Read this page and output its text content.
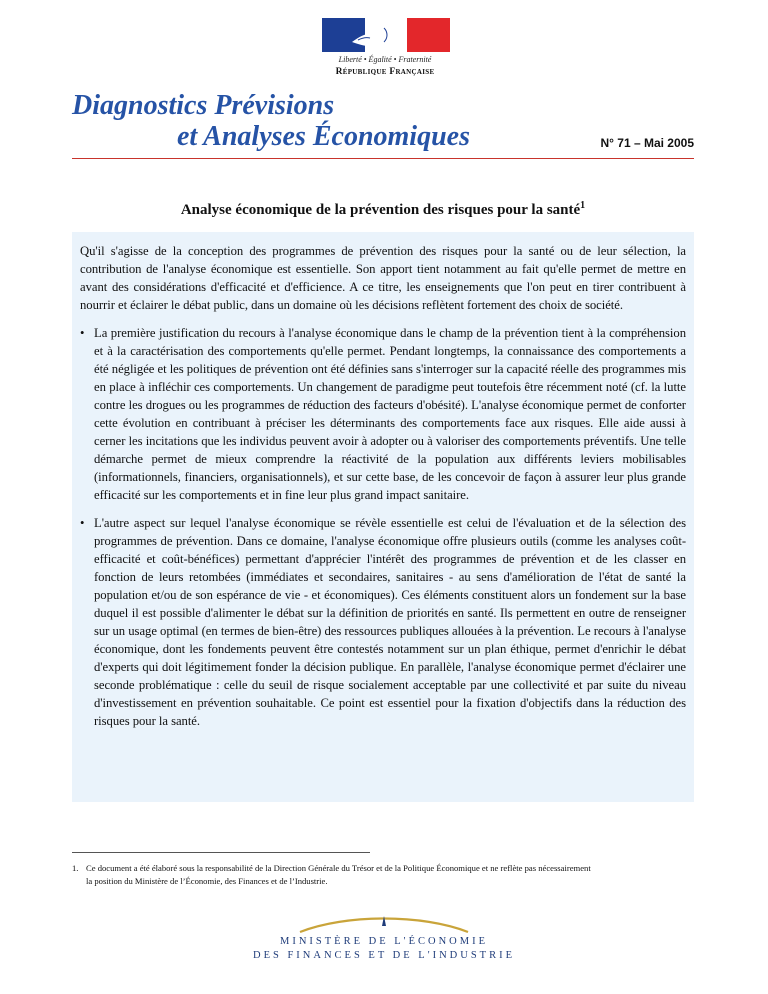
Liberté • Égalité • Fraternité
République Française
Diagnostics Prévisions
et Analyses Économiques	N° 71 – Mai 2005
Analyse économique de la prévention des risques pour la santé$^1$

Qu'il s'agisse de la conception des programmes de prévention des risques pour la santé ou de leur sélection, la contribution de l'analyse économique est essentielle. Son apport tient notamment au fait qu'elle permet de mettre en avant des considérations d'efficacité et d'efficience. A ce titre, les enseignements que l'on peut en tirer contribuent à nourrir et éclairer le débat public, dans un domaine où les décisions reflètent fortement des choix de société.

• La première justification du recours à l'analyse économique dans le champ de la prévention tient à la compréhension et à la caractérisation des comportements qu'elle permet. Pendant longtemps, la connaissance des comportements a été négligée et les politiques de prévention ont été définies sans s'interroger sur la capacité réelle des programmes mis en place à infléchir ces comportements. Un changement de paradigme peut toutefois être récemment noté (cf. la lutte contre les drogues ou les programmes de réduction des facteurs d'obésité). L'analyse économique permet de conforter cette évolution en contribuant à préciser les déterminants des comportements face aux risques. Elle aide aussi à cerner les incitations que les individus peuvent avoir à adopter ou à valoriser des comportements préventifs. Une telle démarche permet de mieux comprendre la réactivité de la population aux différents leviers mobilisables (informationnels, financiers, organisationnels), et sur cette base, de les concevoir de façon à assurer leur plus grande efficacité sur les comportements et in fine leur plus grand impact sanitaire.

• L'autre aspect sur lequel l'analyse économique se révèle essentielle est celui de l'évaluation et de la sélection des programmes de prévention. Dans ce domaine, l'analyse économique offre plusieurs outils (comme les analyses coût-efficacité et coût-bénéfices) permettant d'apprécier l'intérêt des programmes de prévention et de les classer en fonction de leurs retombées (immédiates et secondaires, sanitaires - au sens d'amélioration de l'état de santé la population et/ou de son espérance de vie - et économiques). Ces éléments constituent alors un fondement sur la base duquel il est possible d'alimenter le débat sur la définition de priorités en santé. Ils permettent en outre de renseigner sur un usage optimal (en termes de bien-être) des ressources publiques allouées à la prévention. Le recours à l'analyse économique, dont les fondements peuvent être contestés notamment sur un plan éthique, permet d'enrichir le débat d'experts qui doit légitimement fonder la décision publique. En parallèle, l'analyse économique permet d'éclairer une seconde problématique : celle du seuil de risque socialement acceptable par une collectivité et par suite du niveau d'investissement en prévention souhaitable. Ce point est essentiel pour la fixation d'objectifs dans la réduction des risques pour la santé.

1. Ce document a été élaboré sous la responsabilité de la Direction Générale du Trésor et de la Politique Économique et ne reflète pas nécessairement
la position du Ministère de l’Économie, des Finances et de l’Industrie.
MINISTÈRE DE L'ÉCONOMIE
DES FINANCES ET DE L'INDUSTRIE
